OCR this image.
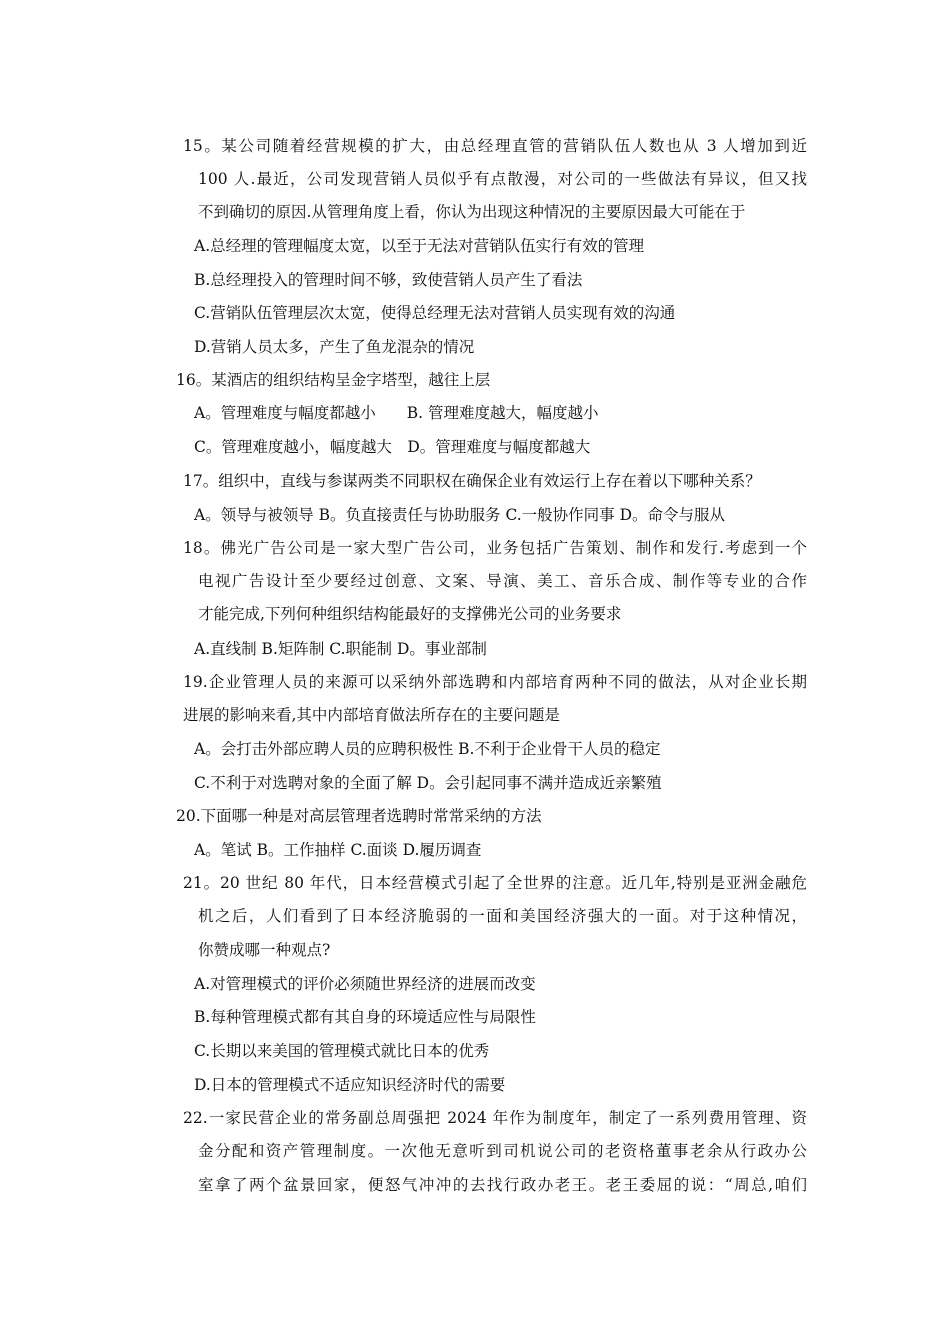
15。某公司随着经营规模的扩大，由总经理直管的营销队伍人数也从 3 人增加到近
100 人.最近，公司发现营销人员似乎有点散漫，对公司的一些做法有异议，但又找
不到确切的原因.从管理角度上看，你认为出现这种情况的主要原因最大可能在于
A.总经理的管理幅度太宽，以至于无法对营销队伍实行有效的管理
B.总经理投入的管理时间不够，致使营销人员产生了看法
C.营销队伍管理层次太宽，使得总经理无法对营销人员实现有效的沟通
D.营销人员太多，产生了鱼龙混杂的情况
16。某酒店的组织结构呈金字塔型，越往上层
A。管理难度与幅度都越小　　B. 管理难度越大，幅度越小
C。管理难度越小，幅度越大　D。管理难度与幅度都越大
17。组织中，直线与参谋两类不同职权在确保企业有效运行上存在着以下哪种关系？
A。领导与被领导 B。负直接责任与协助服务 C.一般协作同事 D。命令与服从
18。佛光广告公司是一家大型广告公司，业务包括广告策划、制作和发行.考虑到一个
电视广告设计至少要经过创意、文案、导演、美工、音乐合成、制作等专业的合作
才能完成,下列何种组织结构能最好的支撑佛光公司的业务要求
A.直线制 B.矩阵制 C.职能制 D。事业部制
19.企业管理人员的来源可以采纳外部选聘和内部培育两种不同的做法，从对企业长期
进展的影响来看,其中内部培育做法所存在的主要问题是
A。会打击外部应聘人员的应聘积极性 B.不利于企业骨干人员的稳定
C.不利于对选聘对象的全面了解 D。会引起同事不满并造成近亲繁殖
20.下面哪一种是对高层管理者选聘时常常采纳的方法
A。笔试 B。工作抽样 C.面谈 D.履历调查
21。20 世纪 80 年代，日本经营模式引起了全世界的注意。近几年,特别是亚洲金融危
机之后，人们看到了日本经济脆弱的一面和美国经济强大的一面。对于这种情况，
你赞成哪一种观点?
A.对管理模式的评价必须随世界经济的进展而改变
B.每种管理模式都有其自身的环境适应性与局限性
C.长期以来美国的管理模式就比日本的优秀
D.日本的管理模式不适应知识经济时代的需要
22.一家民营企业的常务副总周强把 2024 年作为制度年，制定了一系列费用管理、资
金分配和资产管理制度。一次他无意听到司机说公司的老资格董事老余从行政办公
室拿了两个盆景回家，便怒气冲冲的去找行政办老王。老王委屈的说：“周总,咱们
